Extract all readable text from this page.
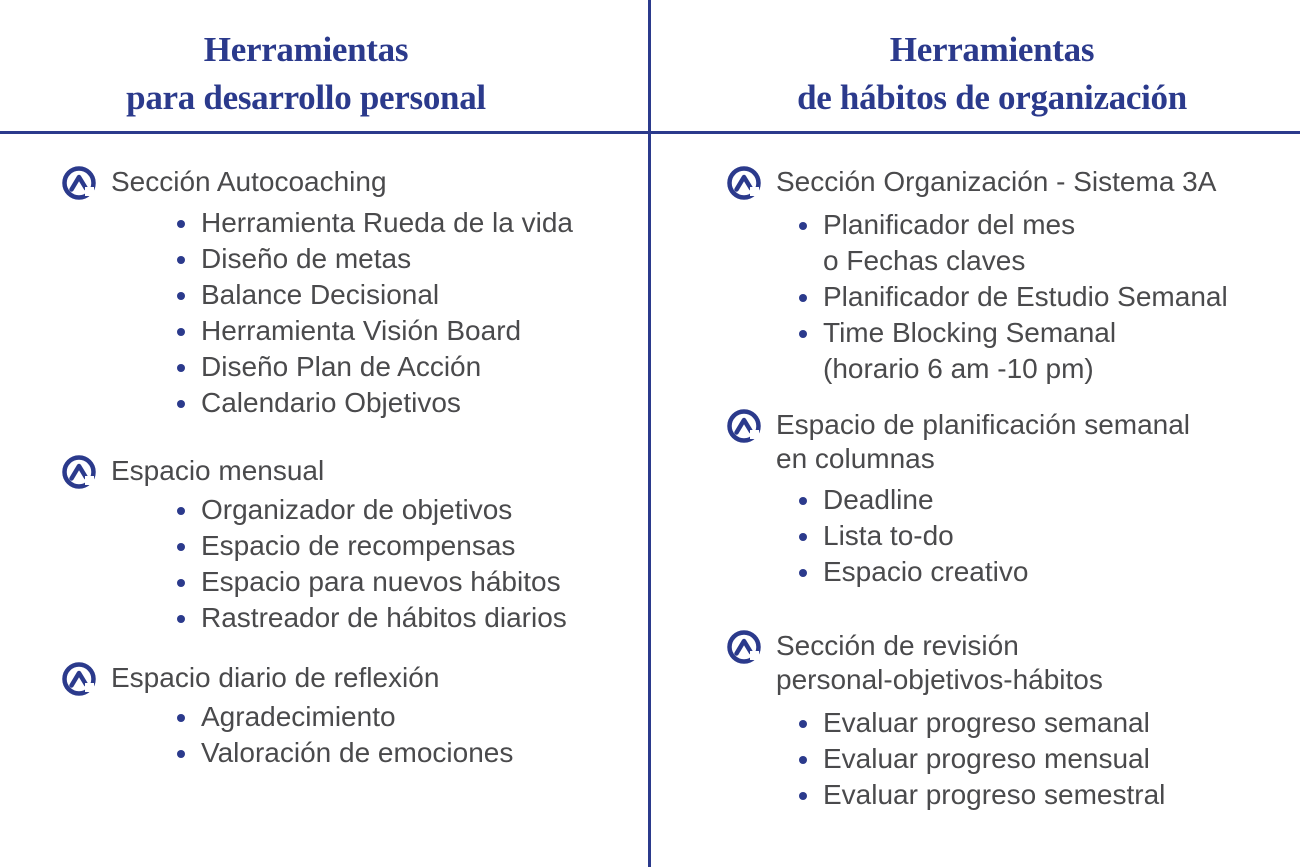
Herramientas
para desarrollo personal
Herramientas
de hábitos de organización
Sección Autocoaching
Herramienta Rueda de la vida
Diseño de metas
Balance Decisional
Herramienta Visión Board
Diseño Plan de Acción
Calendario Objetivos
Espacio mensual
Organizador de objetivos
Espacio de recompensas
Espacio para nuevos hábitos
Rastreador de hábitos diarios
Espacio diario de reflexión
Agradecimiento
Valoración de emociones
Sección Organización - Sistema 3A
Planificador del mes
o Fechas claves
Planificador de Estudio Semanal
Time Blocking Semanal
(horario 6 am -10 pm)
Espacio de planificación semanal
en columnas
Deadline
Lista to-do
Espacio creativo
Sección de revisión
personal-objetivos-hábitos
Evaluar progreso semanal
Evaluar progreso mensual
Evaluar progreso semestral
